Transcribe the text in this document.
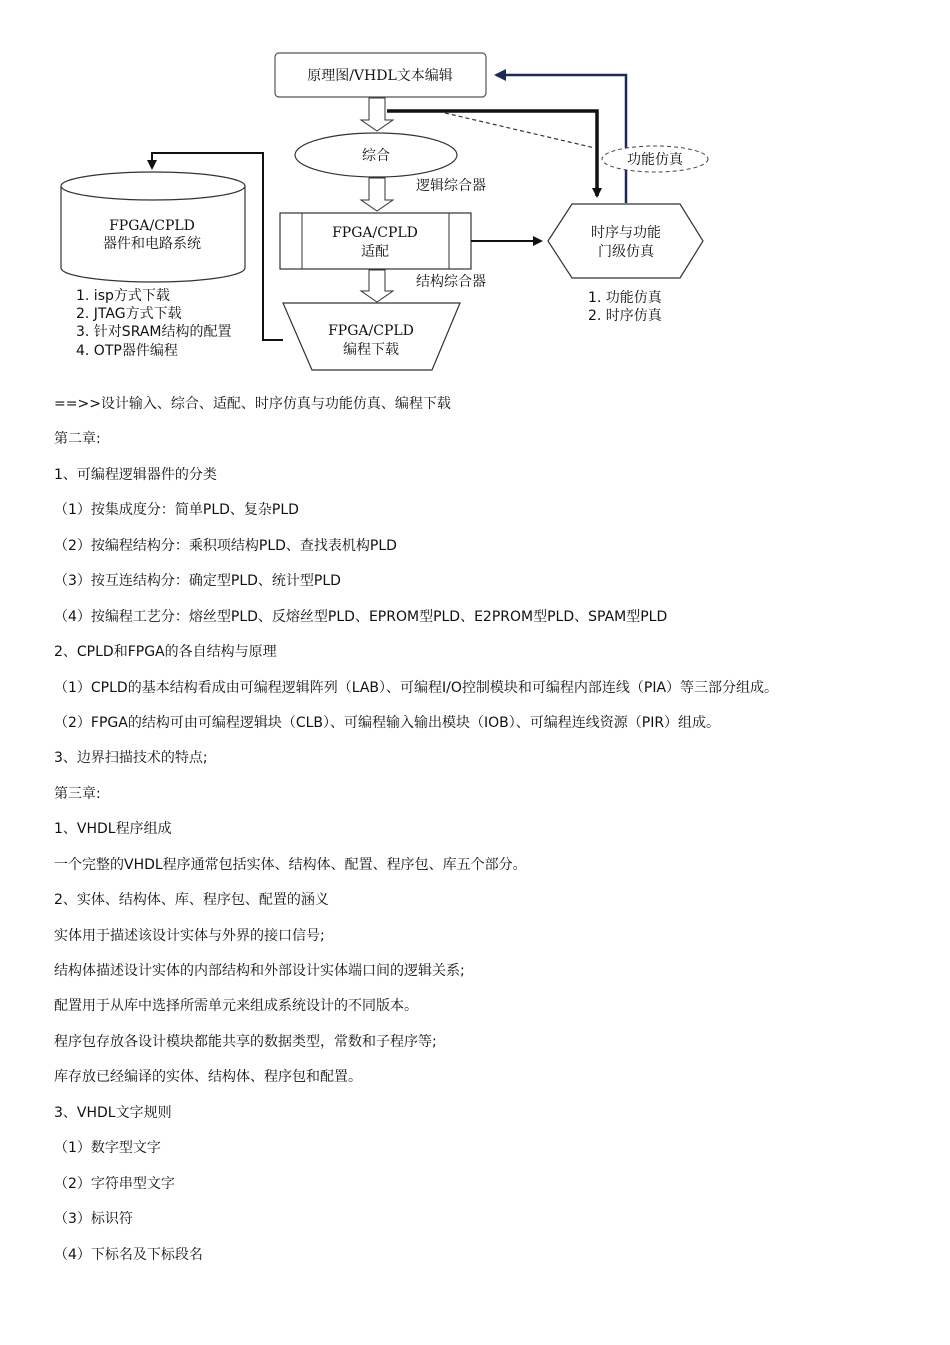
原理图/VHDL文本编辑
综合
逻辑综合器
FPGA/CPLD
适配
结构综合器
FPGA/CPLD
编程下载
FPGA/CPLD
器件和电路系统
1. isp方式下载
2. JTAG方式下载
3. 针对SRAM结构的配置
4. OTP器件编程
功能仿真
时序与功能
门级仿真
1. 功能仿真
2. 时序仿真
==>>设计输入、综合、适配、时序仿真与功能仿真、编程下载
第二章:
1、可编程逻辑器件的分类
（1）按集成度分：简单PLD、复杂PLD
（2）按编程结构分：乘积项结构PLD、查找表机构PLD
（3）按互连结构分：确定型PLD、统计型PLD
（4）按编程工艺分：熔丝型PLD、反熔丝型PLD、EPROM型PLD、E2PROM型PLD、SPAM型PLD
2、CPLD和FPGA的各自结构与原理
（1）CPLD的基本结构看成由可编程逻辑阵列（LAB）、可编程I/O控制模块和可编程内部连线（PIA）等三部分组成。
（2）FPGA的结构可由可编程逻辑块（CLB）、可编程输入输出模块（IOB）、可编程连线资源（PIR）组成。
3、边界扫描技术的特点;
第三章:
1、VHDL程序组成
一个完整的VHDL程序通常包括实体、结构体、配置、程序包、库五个部分。
2、实体、结构体、库、程序包、配置的涵义
实体用于描述该设计实体与外界的接口信号;
结构体描述设计实体的内部结构和外部设计实体端口间的逻辑关系;
配置用于从库中选择所需单元来组成系统设计的不同版本。
程序包存放各设计模块都能共享的数据类型，常数和子程序等;
库存放已经编译的实体、结构体、程序包和配置。
3、VHDL文字规则
（1）数字型文字
（2）字符串型文字
（3）标识符
（4）下标名及下标段名
